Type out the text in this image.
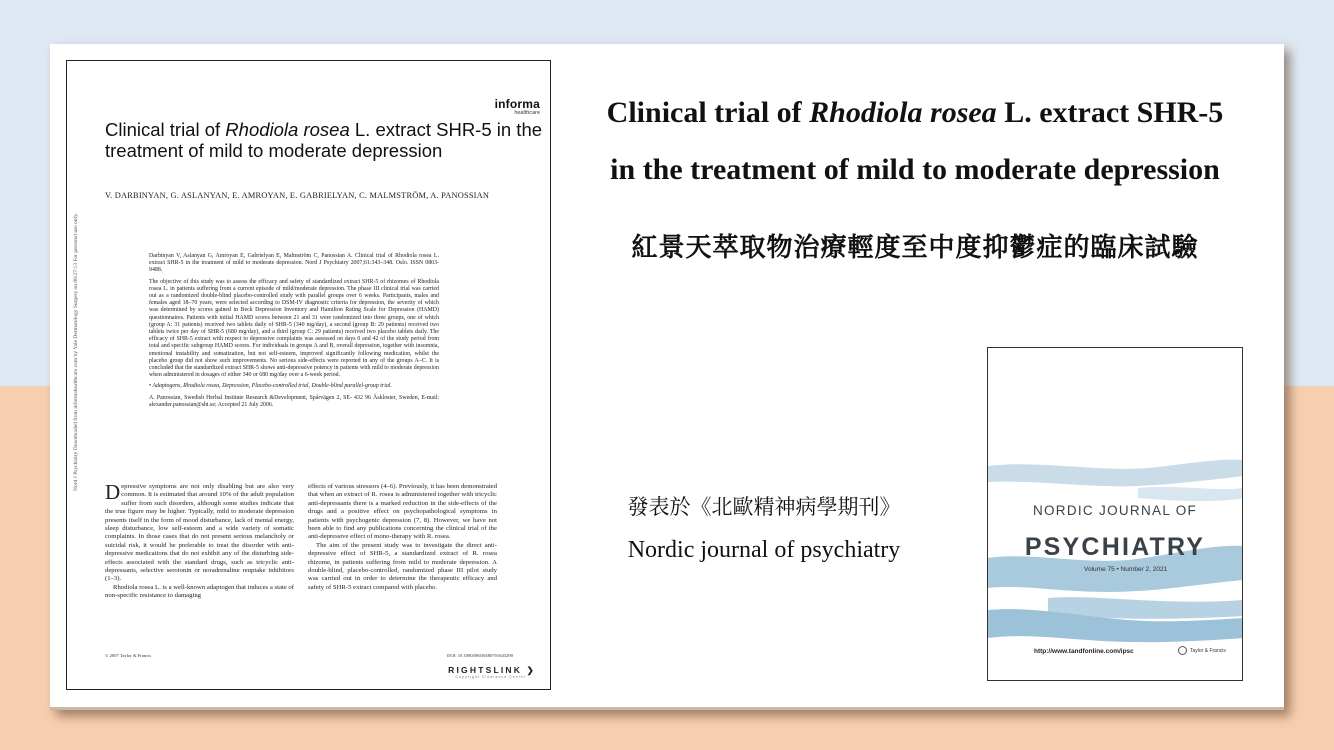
Nord J Psychiatry Downloaded from informahealthcare.com by Yale Dermatology Surgery on 06/27/13 For personal use only.
informa
healthcare
Clinical trial of Rhodiola rosea L. extract SHR-5 in the treatment of mild to moderate depression
V. DARBINYAN, G. ASLANYAN, E. AMROYAN, E. GABRIELYAN, C. MALMSTRÖM, A. PANOSSIAN

Darbinyan V, Aslanyan G, Amroyan E, Gabrielyan E, Malmström C, Panossian A. Clinical trial of Rhodiola rosea L. extract SHR-5 in the treatment of mild to moderate depression. Nord J Psychiatry 2007;61:343–348. Oslo. ISSN 0803-9488.

The objective of this study was to assess the efficacy and safety of standardized extract SHR-5 of rhizomes of Rhodiola rosea L. in patients suffering from a current episode of mild/moderate depression. The phase III clinical trial was carried out as a randomized double-blind placebo-controlled study with parallel groups over 6 weeks. Participants, males and females aged 18–70 years, were selected according to DSM-IV diagnostic criteria for depression, the severity of which was determined by scores gained in Beck Depression Inventory and Hamilton Rating Scale for Depression (HAMD) questionnaires. Patients with initial HAMD scores between 21 and 31 were randomized into three groups, one of which (group A: 31 patients) received two tablets daily of SHR-5 (340 mg/day), a second (group B: 29 patients) received two tablets twice per day of SHR-5 (680 mg/day), and a third (group C: 29 patients) received two placebo tablets daily. The efficacy of SHR-5 extract with respect to depressive complaints was assessed on days 0 and 42 of the study period from total and specific subgroup HAMD scores. For individuals in groups A and B, overall depression, together with insomnia, emotional instability and somatization, but not self-esteem, improved significantly following medication, whilst the placebo group did not show such improvements. No serious side-effects were reported in any of the groups A–C. It is concluded that the standardized extract SHR-5 shows anti-depressive potency in patients with mild to moderate depression when administered in dosages of either 340 or 680 mg/day over a 6-week period.

• Adaptogens, Rhodiola rosea, Depression, Placebo-controlled trial, Double-blind parallel-group trial.

A. Panossian, Swedish Herbal Institute Research &Development, Spårvägen 2, SE- 432 96 Åskloster, Sweden, E-mail: alexander.panossian@shi.se; Accepted 21 July 2006.

Depressive symptoms are not only disabling but are also very common. It is estimated that around 10% of the adult population suffer from such disorders, although some studies indicate that the true figure may be higher. Typically, mild to moderate depression presents itself in the form of mood disturbance, lack of mental energy, sleep disturbance, low self-esteem and a wide variety of somatic complaints. In those cases that do not present serious melancholy or suicidal risk, it would be preferable to treat the disorder with anti-depressive medications that do not exhibit any of the disturbing side-effects associated with the standard drugs, such as tricyclic anti-depressants, selective serotonin or noradrenaline reuptake inhibitors (1–3).

Rhodiola rosea L. is a well-known adaptogen that induces a state of non-specific resistance to damaging

effects of various stressors (4–6). Previously, it has been demonstrated that when an extract of R. rosea is administered together with tricyclic anti-depressants there is a marked reduction in the side-effects of the drugs and a positive effect on psychopathological symptoms in patients with psychogenic depression (7, 8). However, we have not been able to find any publications concerning the clinical trial of the anti-depressive effect of mono-therapy with R. rosea.

The aim of the present study was to investigate the direct anti-depressive effect of SHR-5, a standardized extract of R. rosea rhizome, in patients suffering from mild to moderate depression. A double-blind, placebo-controlled, randomized phase III pilot study was carried out in order to determine the therapeutic efficacy and safety of SHR-5 extract compared with placebo.

© 2007 Taylor & Francis	DOI: 10.1080/08039480701643290
RIGHTSLINK ❯
Copyright Clearance Center
Clinical trial of Rhodiola rosea L. extract SHR-5
in the treatment of mild to moderate depression
紅景天萃取物治療輕度至中度抑鬱症的臨床試驗
發表於《北歐精神病學期刊》
Nordic journal of psychiatry
NORDIC JOURNAL OF
PSYCHIATRY
Volume 75 • Number 2, 2021
http://www.tandfonline.com/ipsc	Taylor & Francis
